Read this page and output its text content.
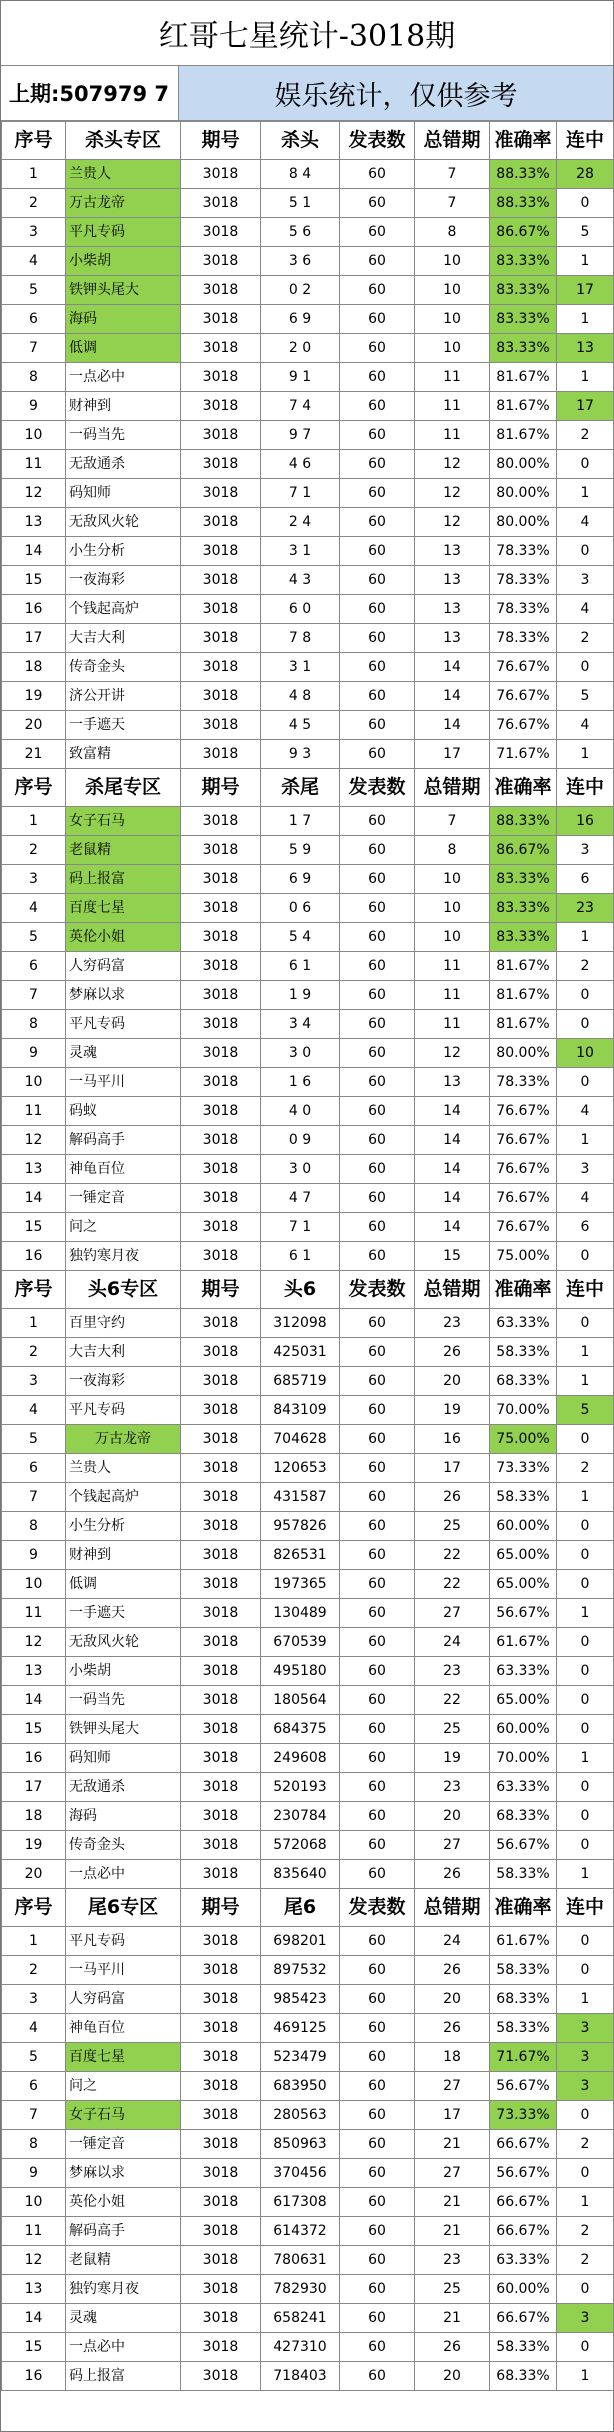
红哥七星统计-3018期
上期:507979 7	娱乐统计，仅供参考
序号	杀头专区	期号	杀头	发表数	总错期	准确率	连中
1	兰贵人	3018	8 4	60	7	88.33%	28
2	万古龙帝	3018	5 1	60	7	88.33%	0
3	平凡专码	3018	5 6	60	8	86.67%	5
4	小柴胡	3018	3 6	60	10	83.33%	1
5	铁钾头尾大	3018	0 2	60	10	83.33%	17
6	海码	3018	6 9	60	10	83.33%	1
7	低调	3018	2 0	60	10	83.33%	13
8	一点必中	3018	9 1	60	11	81.67%	1
9	财神到	3018	7 4	60	11	81.67%	17
10	一码当先	3018	9 7	60	11	81.67%	2
11	无敌通杀	3018	4 6	60	12	80.00%	0
12	码知师	3018	7 1	60	12	80.00%	1
13	无敌风火轮	3018	2 4	60	12	80.00%	4
14	小生分析	3018	3 1	60	13	78.33%	0
15	一夜海彩	3018	4 3	60	13	78.33%	3
16	个钱起高炉	3018	6 0	60	13	78.33%	4
17	大吉大利	3018	7 8	60	13	78.33%	2
18	传奇金头	3018	3 1	60	14	76.67%	0
19	济公开讲	3018	4 8	60	14	76.67%	5
20	一手遮天	3018	4 5	60	14	76.67%	4
21	致富精	3018	9 3	60	17	71.67%	1
序号	杀尾专区	期号	杀尾	发表数	总错期	准确率	连中
1	女子石马	3018	1 7	60	7	88.33%	16
2	老鼠精	3018	5 9	60	8	86.67%	3
3	码上报富	3018	6 9	60	10	83.33%	6
4	百度七星	3018	0 6	60	10	83.33%	23
5	英伦小姐	3018	5 4	60	10	83.33%	1
6	人穷码富	3018	6 1	60	11	81.67%	2
7	梦麻以求	3018	1 9	60	11	81.67%	0
8	平凡专码	3018	3 4	60	11	81.67%	0
9	灵魂	3018	3 0	60	12	80.00%	10
10	一马平川	3018	1 6	60	13	78.33%	0
11	码蚁	3018	4 0	60	14	76.67%	4
12	解码高手	3018	0 9	60	14	76.67%	1
13	神龟百位	3018	3 0	60	14	76.67%	3
14	一锤定音	3018	4 7	60	14	76.67%	4
15	问之	3018	7 1	60	14	76.67%	6
16	独钓寒月夜	3018	6 1	60	15	75.00%	0
序号	头6专区	期号	头6	发表数	总错期	准确率	连中
1	百里守约	3018	312098	60	23	63.33%	0
2	大吉大利	3018	425031	60	26	58.33%	1
3	一夜海彩	3018	685719	60	20	68.33%	1
4	平凡专码	3018	843109	60	19	70.00%	5
5	万古龙帝	3018	704628	60	16	75.00%	0
6	兰贵人	3018	120653	60	17	73.33%	2
7	个钱起高炉	3018	431587	60	26	58.33%	1
8	小生分析	3018	957826	60	25	60.00%	0
9	财神到	3018	826531	60	22	65.00%	0
10	低调	3018	197365	60	22	65.00%	0
11	一手遮天	3018	130489	60	27	56.67%	1
12	无敌风火轮	3018	670539	60	24	61.67%	0
13	小柴胡	3018	495180	60	23	63.33%	0
14	一码当先	3018	180564	60	22	65.00%	0
15	铁钾头尾大	3018	684375	60	25	60.00%	0
16	码知师	3018	249608	60	19	70.00%	1
17	无敌通杀	3018	520193	60	23	63.33%	0
18	海码	3018	230784	60	20	68.33%	0
19	传奇金头	3018	572068	60	27	56.67%	0
20	一点必中	3018	835640	60	26	58.33%	1
序号	尾6专区	期号	尾6	发表数	总错期	准确率	连中
1	平凡专码	3018	698201	60	24	61.67%	0
2	一马平川	3018	897532	60	26	58.33%	0
3	人穷码富	3018	985423	60	20	68.33%	1
4	神龟百位	3018	469125	60	26	58.33%	3
5	百度七星	3018	523479	60	18	71.67%	3
6	问之	3018	683950	60	27	56.67%	3
7	女子石马	3018	280563	60	17	73.33%	0
8	一锤定音	3018	850963	60	21	66.67%	2
9	梦麻以求	3018	370456	60	27	56.67%	0
10	英伦小姐	3018	617308	60	21	66.67%	1
11	解码高手	3018	614372	60	21	66.67%	2
12	老鼠精	3018	780631	60	23	63.33%	2
13	独钓寒月夜	3018	782930	60	25	60.00%	0
14	灵魂	3018	658241	60	21	66.67%	3
15	一点必中	3018	427310	60	26	58.33%	0
16	码上报富	3018	718403	60	20	68.33%	1
